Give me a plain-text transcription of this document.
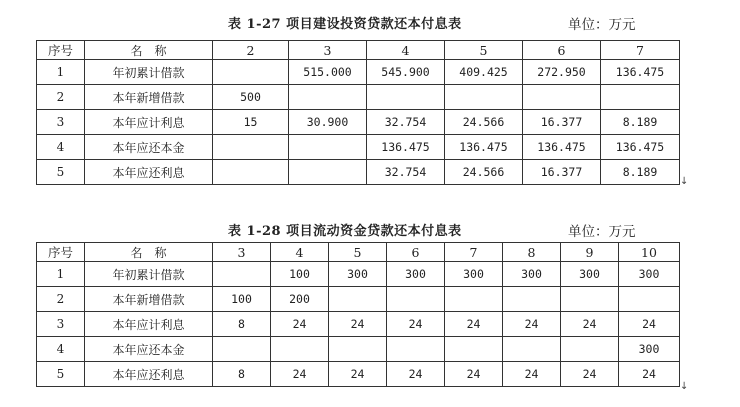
表 1-27 项目建设投资贷款还本付息表	单位：万元
序号	名　称	2	3	4	5	6	7
1	年初累计借款		515.000	545.900	409.425	272.950	136.475
2	本年新增借款	500					
3	本年应计利息	15	30.900	32.754	24.566	16.377	8.189
4	本年应还本金			136.475	136.475	136.475	136.475
5	本年应还利息			32.754	24.566	16.377	8.189
↓
表 1-28 项目流动资金贷款还本付息表	单位：万元
序号	名　称	3	4	5	6	7	8	9	10
1	年初累计借款		100	300	300	300	300	300	300
2	本年新增借款	100	200						
3	本年应计利息	8	24	24	24	24	24	24	24
4	本年应还本金								300
5	本年应还利息	8	24	24	24	24	24	24	24
↓
